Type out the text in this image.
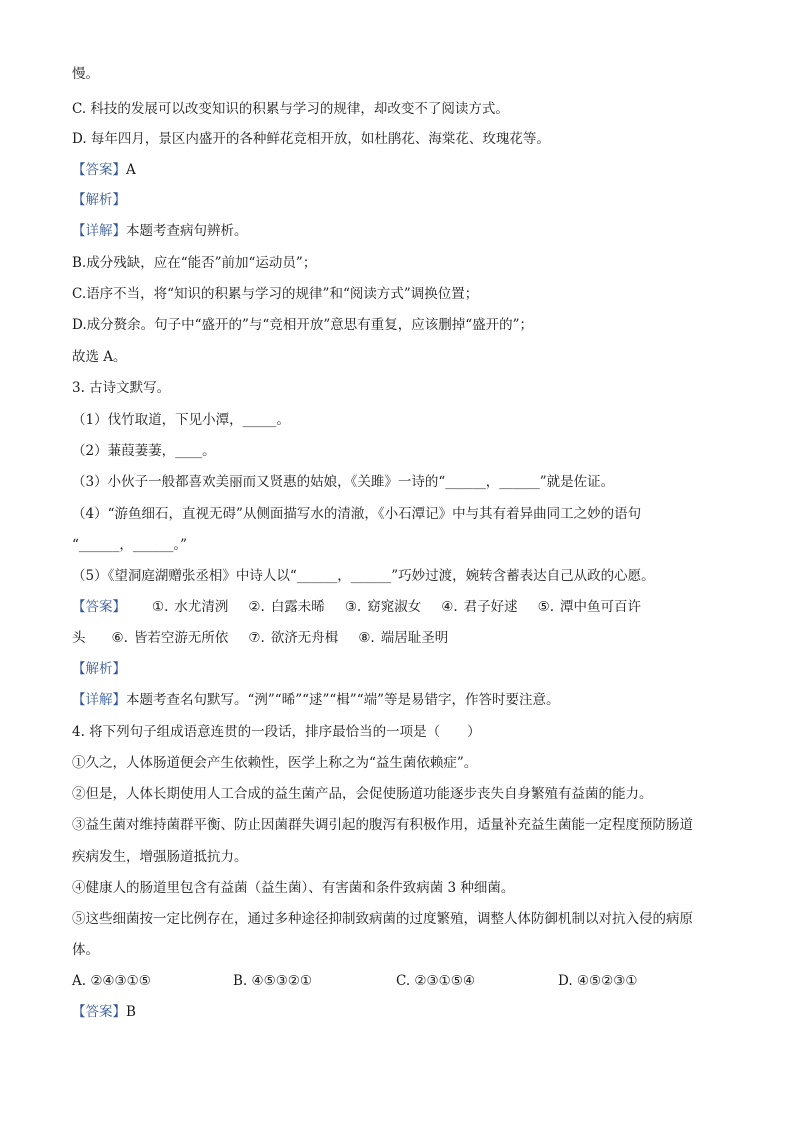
慢。
C. 科技的发展可以改变知识的积累与学习的规律，却改变不了阅读方式。
D. 每年四月，景区内盛开的各种鲜花竞相开放，如杜鹃花、海棠花、玫瑰花等。
【答案】A
【解析】
【详解】本题考查病句辨析。
B.成分残缺，应在“能否”前加“运动员”；
C.语序不当，将“知识的积累与学习的规律”和“阅读方式”调换位置；
D.成分赘余。句子中“盛开的”与“竞相开放”意思有重复，应该删掉“盛开的”；
故选 A。
3. 古诗文默写。
（1）伐竹取道，下见小潭，_____。
（2）蒹葭萋萋，____。
（3）小伙子一般都喜欢美丽而又贤惠的姑娘，《关雎》一诗的“______，______”就是佐证。
（4）“游鱼细石，直视无碍”从侧面描写水的清澈，《小石潭记》中与其有着异曲同工之妙的语句
“______，______。”
（5）《望洞庭湖赠张丞相》中诗人以“______，______”巧妙过渡，婉转含蓄表达自己从政的心愿。
【答案】 ①. 水尤清洌 ②. 白露未晞 ③. 窈窕淑女 ④. 君子好逑 ⑤. 潭中鱼可百许
头 ⑥. 皆若空游无所依 ⑦. 欲济无舟楫 ⑧. 端居耻圣明
【解析】
【详解】本题考查名句默写。“洌”“晞”“逑”“楫”“端”等是易错字，作答时要注意。
4. 将下列句子组成语意连贯的一段话，排序最恰当的一项是（　　）
①久之，人体肠道便会产生依赖性，医学上称之为“益生菌依赖症”。
②但是，人体长期使用人工合成的益生菌产品，会促使肠道功能逐步丧失自身繁殖有益菌的能力。
③益生菌对维持菌群平衡、防止因菌群失调引起的腹泻有积极作用，适量补充益生菌能一定程度预防肠道
疾病发生，增强肠道抵抗力。
④健康人的肠道里包含有益菌（益生菌）、有害菌和条件致病菌 3 种细菌。
⑤这些细菌按一定比例存在，通过多种途径抑制致病菌的过度繁殖，调整人体防御机制以对抗入侵的病原
体。
A. ②④③①⑤	B. ④⑤③②①	C. ②③①⑤④	D. ④⑤②③①
【答案】B
